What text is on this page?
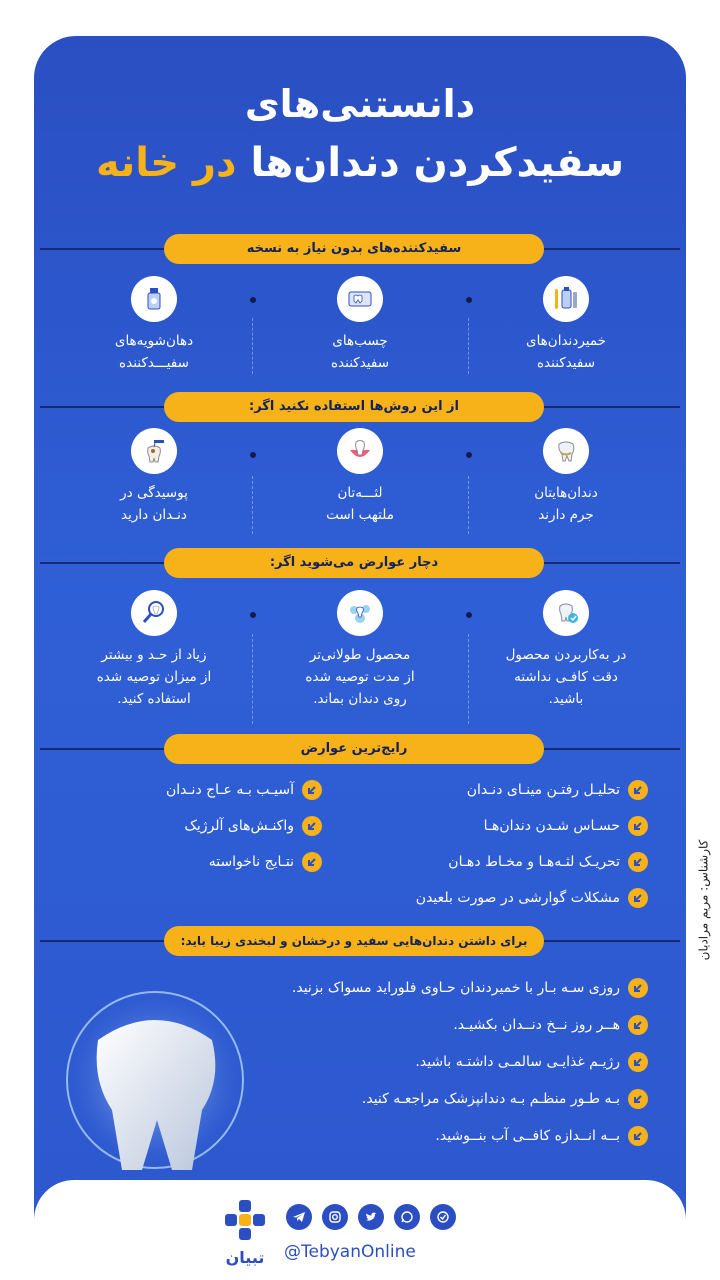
دانستنی‌های
سفیدکردن دندان‌ها در خانه
سفیدکننده‌های بدون نیاز به نسخه
خمیردندان‌های
سفید‌کننده
چسب‌های
سفیدکننده
دهان‌شویه‌های
سفیـــدکننده
از این روش‌ها استفاده نکنید اگر:
دندان‌هایتان
جرم دارند
لثـــه‌تان
ملتهب است
پوسیدگی در
دنـدان دارید
دچار عوارض می‌شوید اگر:
در به‌کاربردن محصول
دقت کافـی نداشته
باشید.
محصول طولانی‌تر
از مدت توصیه شده
روی دندان بماند.
زیاد از حـد و بیشتر
از میزان توصیه شده
استفاده کنید.
رایج‌ترین عوارض
تحلیـل رفتـن مینـای دنـدان
حسـاس شـدن دندان‌هـا
تحریـک لثـه‌هـا و مخـاط دهـان
مشکلات گوارشی در صورت بلعیدن
آسیـب بـه عـاج دنـدان
واکنـش‌های آلرژیک
نتـایج ناخواسته
برای داشتن دندان‌هایی سفید و درخشان و لبخندی زیبا باید:
روزی سـه بـار با خمیردندان حـاوی فلوراید مسواک بزنید.
هــر روز نــخ دنــدان بکشیـد.
رژیـم غذایـی سالمـی داشتـه باشید.
بـه طـور منظـم بـه دندانپزشک مراجعـه کنید.
بــه انــدازه کافــی آب بنــوشید.
کارشناس: مریم مرادیان
تبیان	@TebyanOnline
